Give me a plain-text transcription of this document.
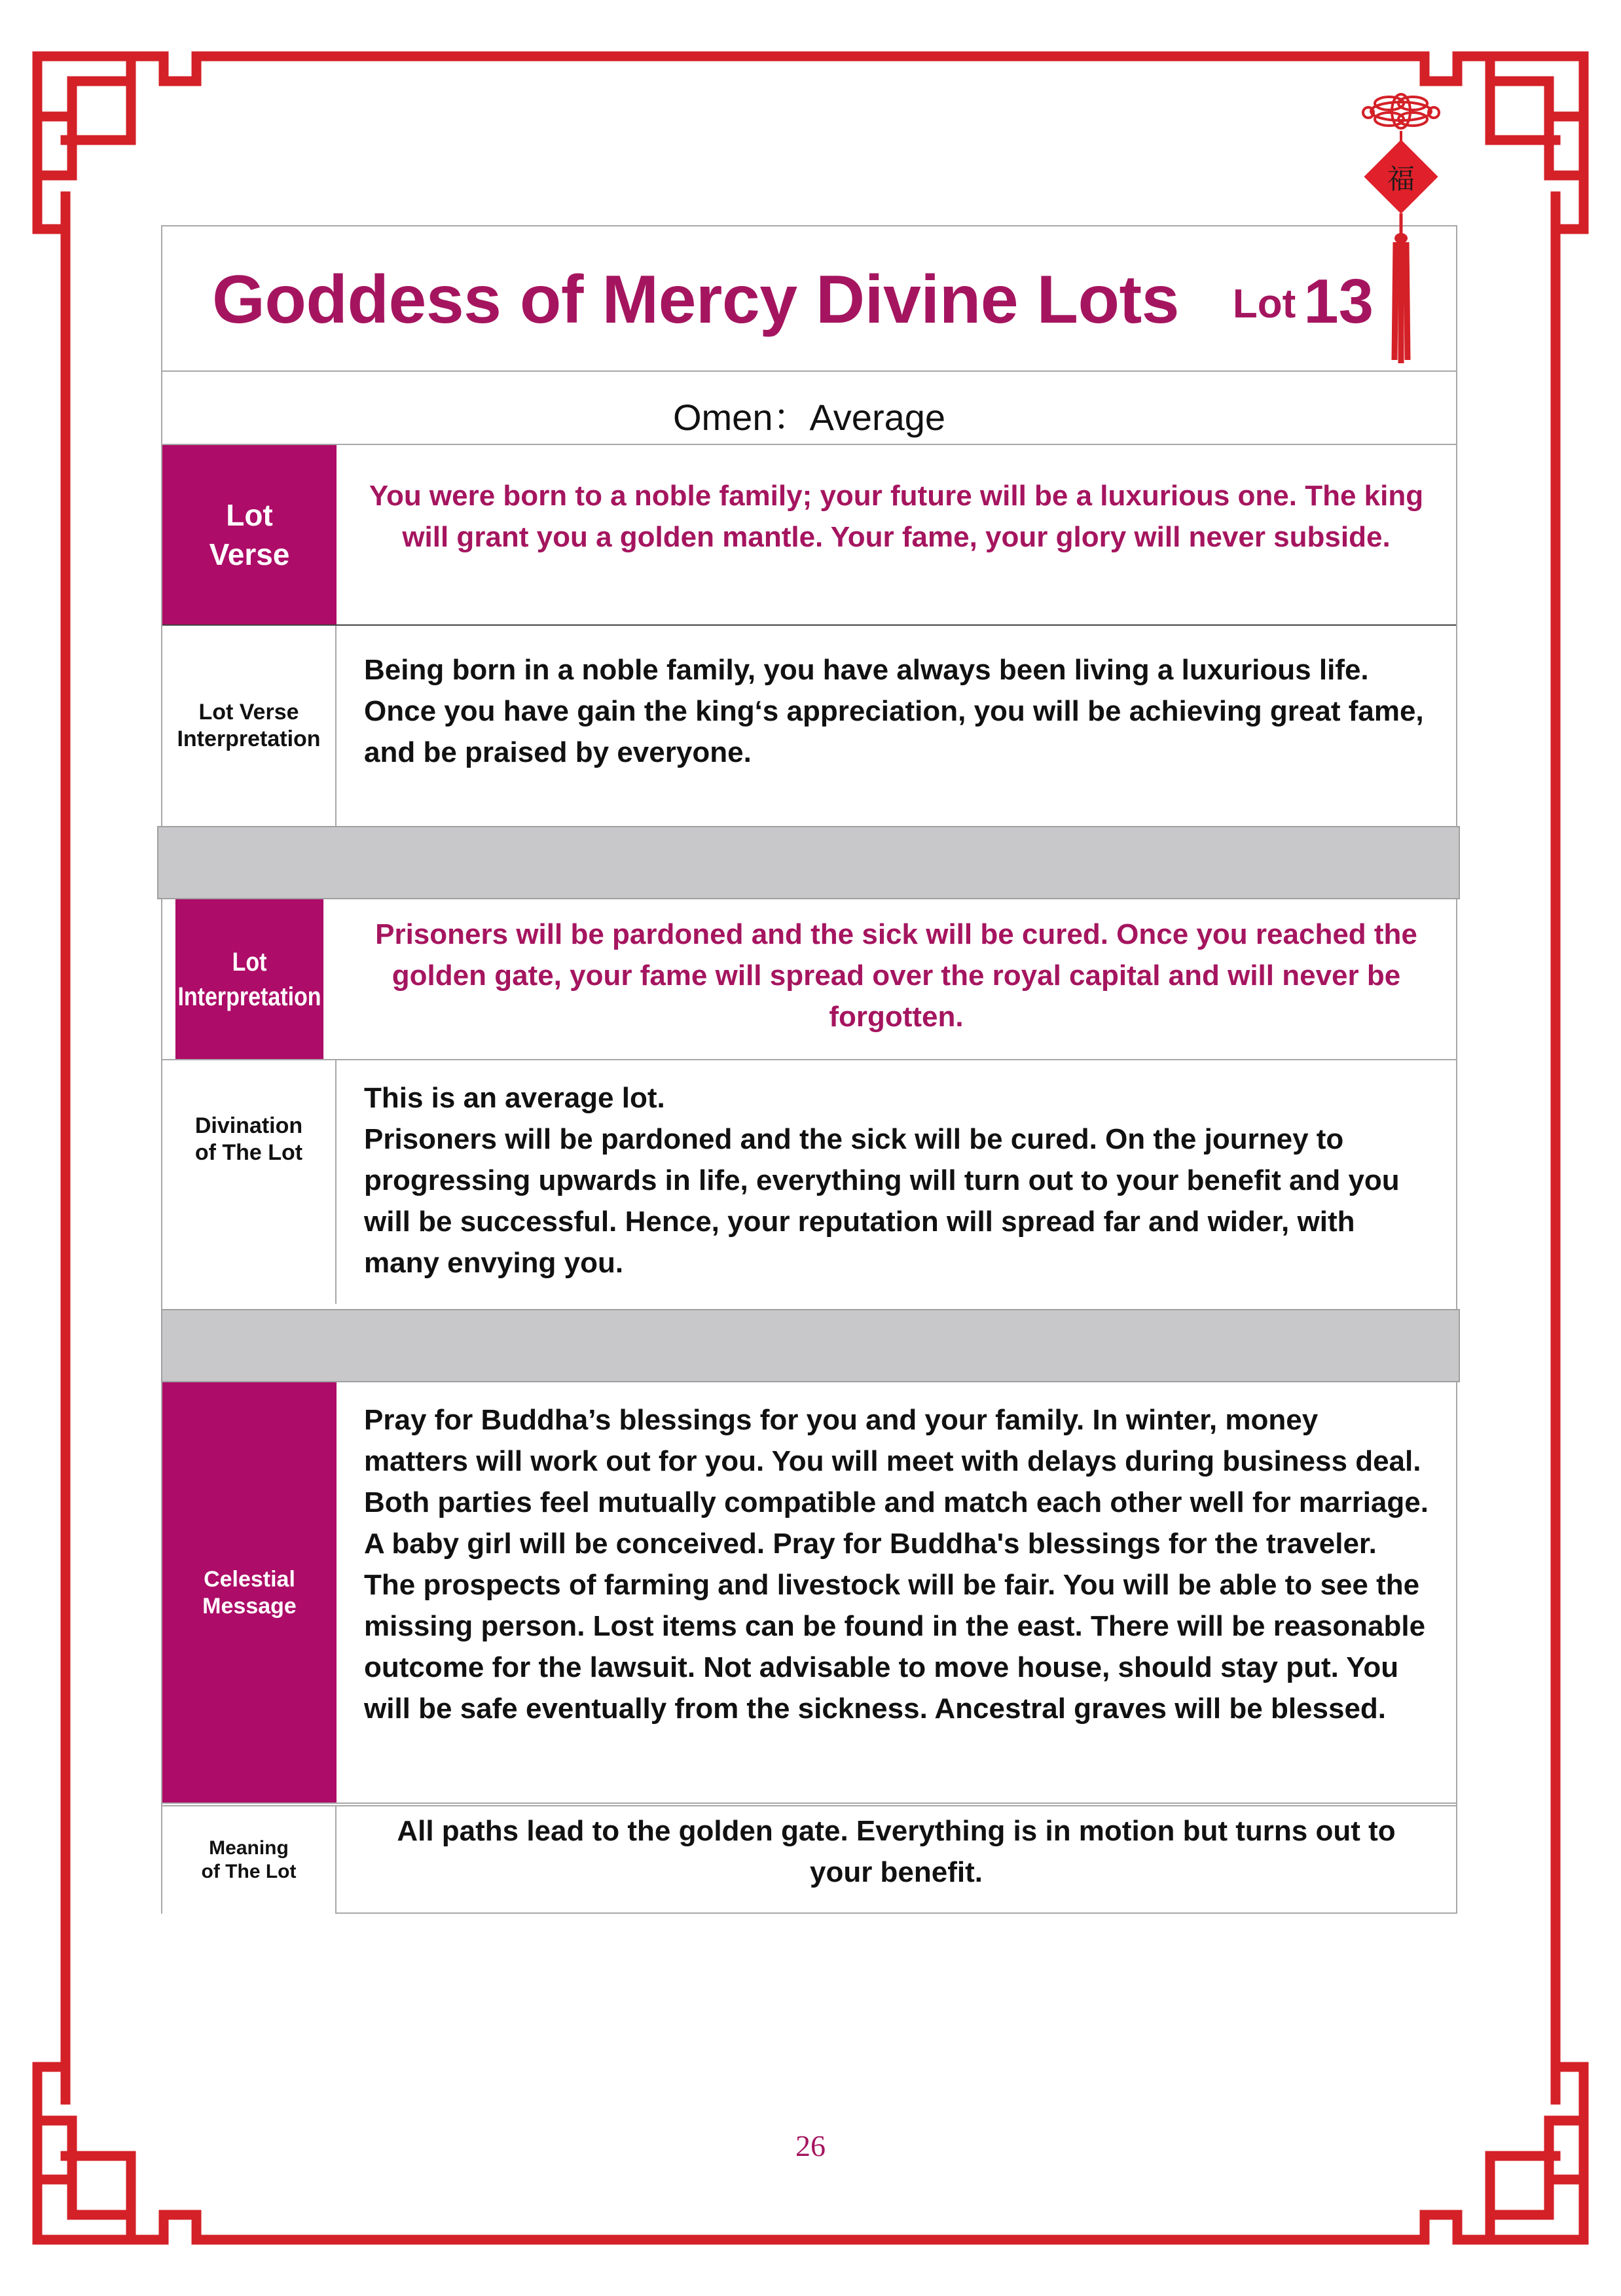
Goddess of Mercy Divine Lots Lot 13
Omen：Average
Lot
Verse
You were born to a noble family; your future will be a luxurious one. The king will grant you a golden mantle. Your fame, your glory will never subside.
Lot Verse
Interpretation
Being born in a noble family, you have always been living a luxurious life. Once you have gain the king‘s appreciation, you will be achieving great fame, and be praised by everyone.
Lot
Interpretation
Prisoners will be pardoned and the sick will be cured. Once you reached the golden gate, your fame will spread over the royal capital and will never be forgotten.
Divination
of The Lot
This is an average lot.
Prisoners will be pardoned and the sick will be cured. On the journey to progressing upwards in life, everything will turn out to your benefit and you will be successful. Hence, your reputation will spread far and wider, with many envying you.
Celestial
Message
Pray for Buddha’s blessings for you and your family. In winter, money matters will work out for you. You will meet with delays during business deal. Both parties feel mutually compatible and match each other well for marriage. A baby girl will be conceived. Pray for Buddha's blessings for the traveler. The prospects of farming and livestock will be fair. You will be able to see the missing person. Lost items can be found in the east. There will be reasonable outcome for the lawsuit. Not advisable to move house, should stay put. You will be safe eventually from the sickness. Ancestral graves will be blessed.
Meaning
of The Lot
All paths lead to the golden gate. Everything is in motion but turns out to your benefit.
福
26
